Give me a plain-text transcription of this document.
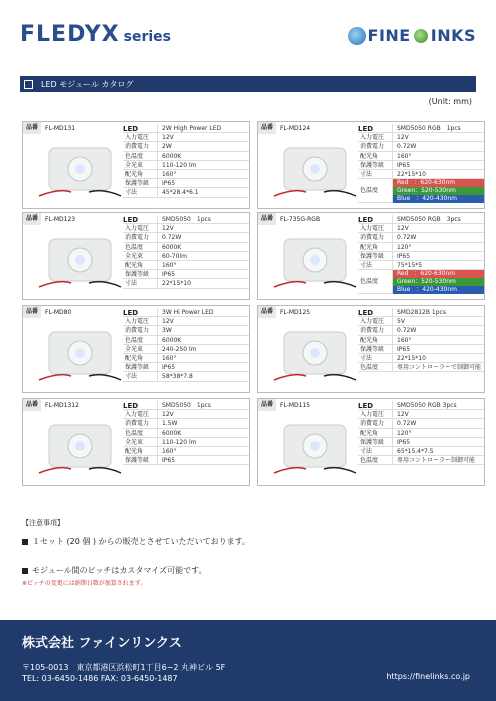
FLEDYX series	FINE INKS
LED モジュール カタログ
(Unit: mm)
品番	FL-MD131	LED	2W High Power LED
入力電圧	12V
消費電力	2W
色温度	6000K
全光束	110-120 lm
配光角	160°
保護等級	IP65
寸法	45*28.4*6.1
品番	FL-MD124	LED	SMD5050 RGB　1pcs
入力電圧	12V
消費電力	0.72W
配光角	160°
保護等級	IP65
寸法	22*15*10
色温度
Red　：620-630nm
Green：520-530nm
Blue　：420-430nm
品番	FL-MD123	LED	SMD5050　1pcs
入力電圧	12V
消費電力	0.72W
色温度	6000K
全光束	60-70lm
配光角	160°
保護等級	IP65
寸法	22*15*10
品番	FL-735G-RGB	LED	SMD5050 RGB　3pcs
入力電圧	12V
消費電力	0.72W
配光角	120°
保護等級	IP65
寸法	75*15*5
色温度
Red　：620-630nm
Green：520-530nm
Blue　：420-430nm
品番	FL-MD80	LED	3W Hi Power LED
入力電圧	12V
消費電力	3W
色温度	6000K
全光束	240-250 lm
配光角	160°
保護等級	IP65
寸法	58*38*7.8
品番	FL-MD125	LED	SMD2812B 1pcs
入力電圧	5V
消費電力	0.72W
配光角	160°
保護等級	IP65
寸法	22*15*10
色温度	専用コントローラーで制御可能
品番	FL-MD1312	LED	SMD5050　1pcs
入力電圧	12V
消費電力	1.5W
色温度	6000K
全光束	110-120 lm
配光角	160°
保護等級	IP65
品番	FL-MD115	LED	SMD5050 RGB 3pcs
入力電圧	12V
消費電力	0.72W
配光角	120°
保護等級	IP65
寸法	65*15.4*7.5
色温度	専用コントローラー制御可能
【注意事項】
１セット (20 個 ) からの販売とさせていただいております。
モジュール間のピッチはカスタマイズ可能です。
※ピッチの変更には納期日数が加算されます。
株式会社 ファインリンクス
〒105-0013　東京都港区浜松町1丁目6−2 丸神ビル 5F
TEL: 03-6450-1486 FAX: 03-6450-1487	https://finelinks.co.jp
